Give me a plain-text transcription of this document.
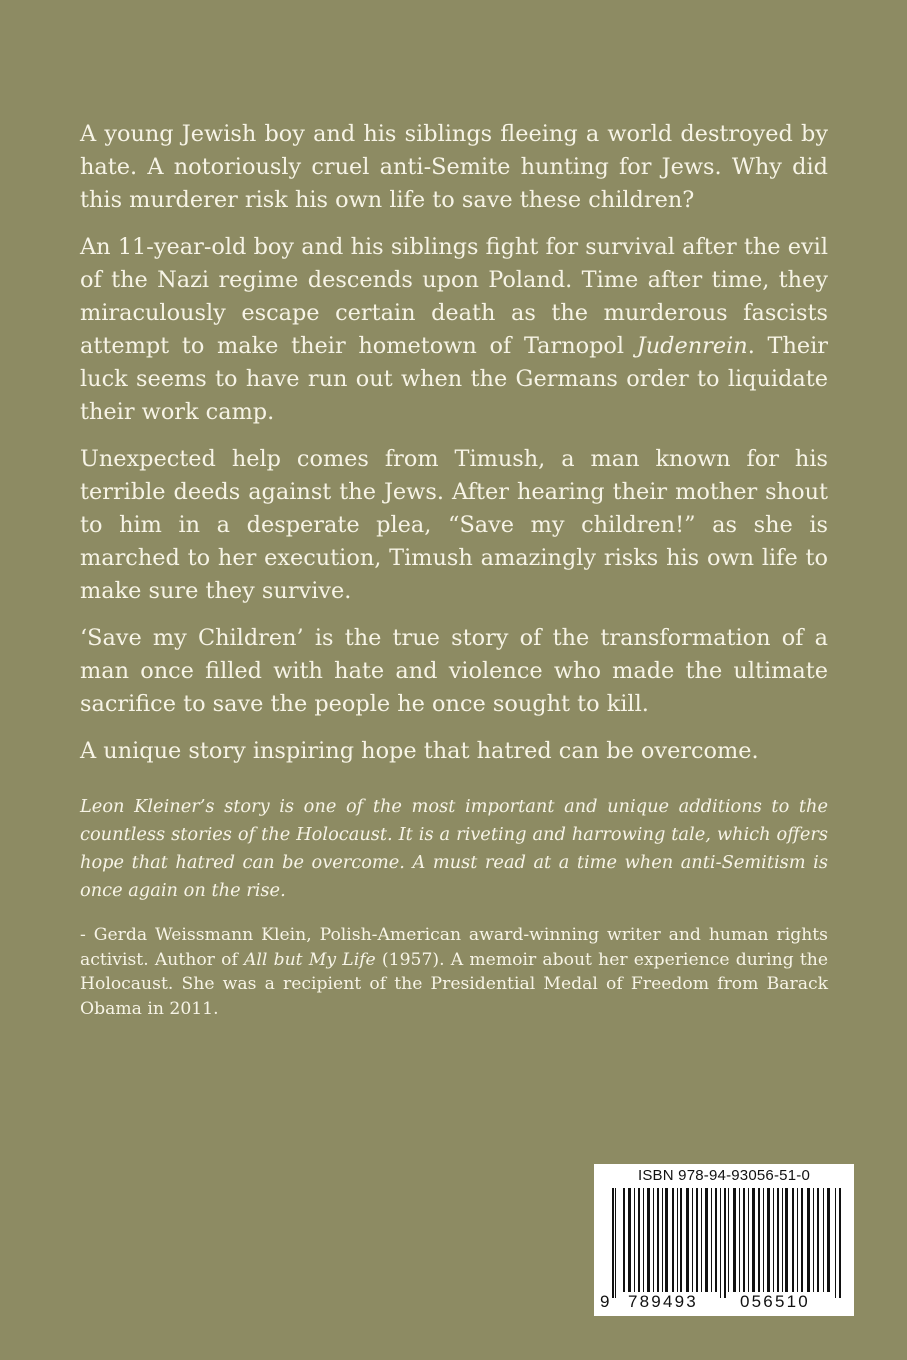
A young Jewish boy and his siblings fleeing a world destroyed by hate. A notoriously cruel anti-Semite hunting for Jews. Why did this murderer risk his own life to save these children?

An 11-year-old boy and his siblings fight for survival after the evil of the Nazi regime descends upon Poland. Time after time, they miraculously escape certain death as the murderous fascists attempt to make their hometown of Tarnopol Judenrein. Their luck seems to have run out when the Germans order to liquidate their work camp.

Unexpected help comes from Timush, a man known for his terrible deeds against the Jews. After hearing their mother shout to him in a desperate plea, “Save my children!” as she is marched to her execution, Timush amazingly risks his own life to make sure they survive.

‘Save my Children’ is the true story of the transformation of a man once filled with hate and violence who made the ultimate sacrifice to save the people he once sought to kill.

A unique story inspiring hope that hatred can be overcome.

Leon Kleiner’s story is one of the most important and unique additions to the countless stories of the Holocaust. It is a riveting and harrowing tale, which offers hope that hatred can be overcome. A must read at a time when anti-Semitism is once again on the rise.

- Gerda Weissmann Klein, Polish-American award-winning writer and human rights activist. Author of All but My Life (1957). A memoir about her experience during the Holocaust. She was a recipient of the Presidential Medal of Freedom from Barack Obama in 2011.

ISBN 978-94-93056-51-0
9 789493 056510
